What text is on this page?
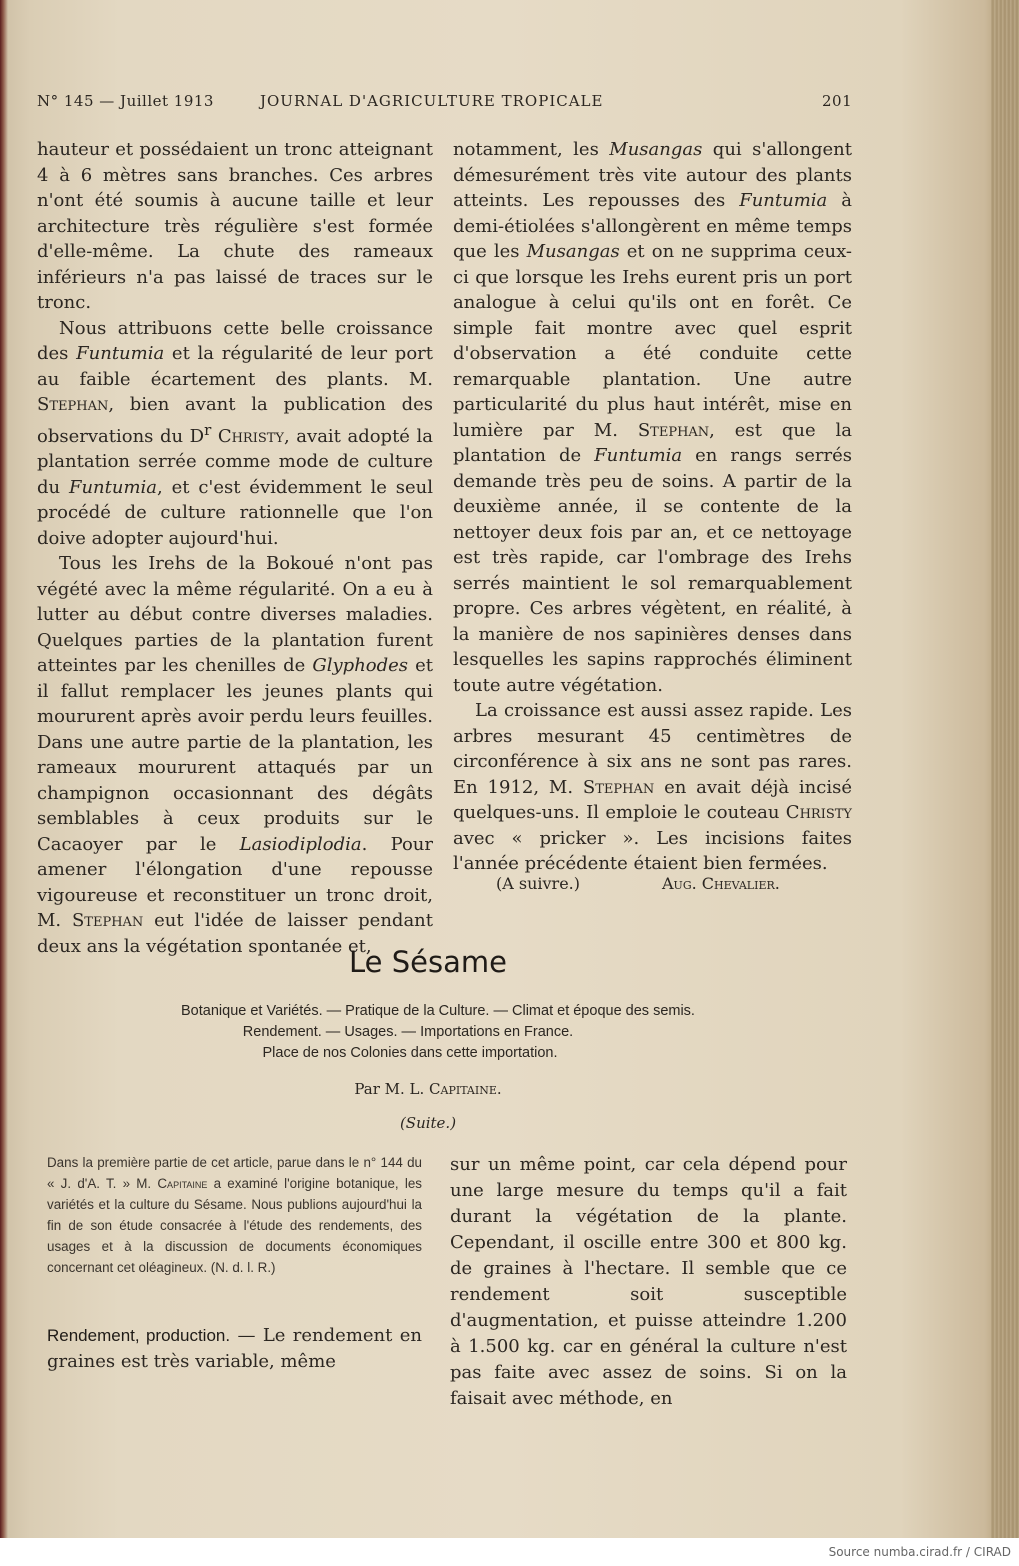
N° 145 — Juillet 1913	JOURNAL D'AGRICULTURE TROPICALE	201

hauteur et possédaient un tronc atteignant 4 à 6 mètres sans branches. Ces arbres n'ont été soumis à aucune taille et leur architecture très régulière s'est formée d'elle-même. La chute des rameaux inférieurs n'a pas laissé de traces sur le tronc.

Nous attribuons cette belle croissance des Funtumia et la régularité de leur port au faible écartement des plants. M. Stephan, bien avant la publication des observations du $D^r$ Christy, avait adopté la plantation serrée comme mode de culture du Funtumia, et c'est évidemment le seul procédé de culture rationnelle que l'on doive adopter aujourd'hui.

Tous les Irehs de la Bokoué n'ont pas végété avec la même régularité. On a eu à lutter au début contre diverses maladies. Quelques parties de la plantation furent atteintes par les chenilles de Glyphodes et il fallut remplacer les jeunes plants qui moururent après avoir perdu leurs feuilles. Dans une autre partie de la plantation, les rameaux moururent attaqués par un champignon occasionnant des dégâts semblables à ceux produits sur le Cacaoyer par le Lasiodiplodia. Pour amener l'élongation d'une repousse vigoureuse et reconstituer un tronc droit, M. Stephan eut l'idée de laisser pendant deux ans la végétation spontanée et,

notamment, les Musangas qui s'allongent démesurément très vite autour des plants atteints. Les repousses des Funtumia à demi-étiolées s'allongèrent en même temps que les Musangas et on ne supprima ceux-ci que lorsque les Irehs eurent pris un port analogue à celui qu'ils ont en forêt. Ce simple fait montre avec quel esprit d'observation a été conduite cette remarquable plantation. Une autre particularité du plus haut intérêt, mise en lumière par M. Stephan, est que la plantation de Funtumia en rangs serrés demande très peu de soins. A partir de la deuxième année, il se contente de la nettoyer deux fois par an, et ce nettoyage est très rapide, car l'ombrage des Irehs serrés maintient le sol remarquablement propre. Ces arbres végètent, en réalité, à la manière de nos sapinières denses dans lesquelles les sapins rapprochés éliminent toute autre végétation.

La croissance est aussi assez rapide. Les arbres mesurant 45 centimètres de circonférence à six ans ne sont pas rares. En 1912, M. Stephan en avait déjà incisé quelques-uns. Il emploie le couteau Christy avec « pricker ». Les incisions faites l'année précédente étaient bien fermées.

(A suivre.)	Aug. Chevalier.
Le Sésame
Botanique et Variétés. — Pratique de la Culture. — Climat et époque des semis.
Rendement. — Usages. — Importations en France.
Place de nos Colonies dans cette importation.
Par M. L. Capitaine.
(Suite.)
Dans la première partie de cet article, parue dans le n° 144 du « J. d'A. T. » M. Capitaine a examiné l'origine botanique, les variétés et la culture du Sésame. Nous publions aujourd'hui la fin de son étude consacrée à l'étude des rendements, des usages et à la discussion de documents économiques concernant cet oléagineux. (N. d. l. R.)
Rendement, production. — Le rendement en graines est très variable, même
sur un même point, car cela dépend pour une large mesure du temps qu'il a fait durant la végétation de la plante. Cependant, il oscille entre 300 et 800 kg. de graines à l'hectare. Il semble que ce rendement soit susceptible d'augmentation, et puisse atteindre 1.200 à 1.500 kg. car en général la culture n'est pas faite avec assez de soins. Si on la faisait avec méthode, en
Source numba.cirad.fr / CIRAD
